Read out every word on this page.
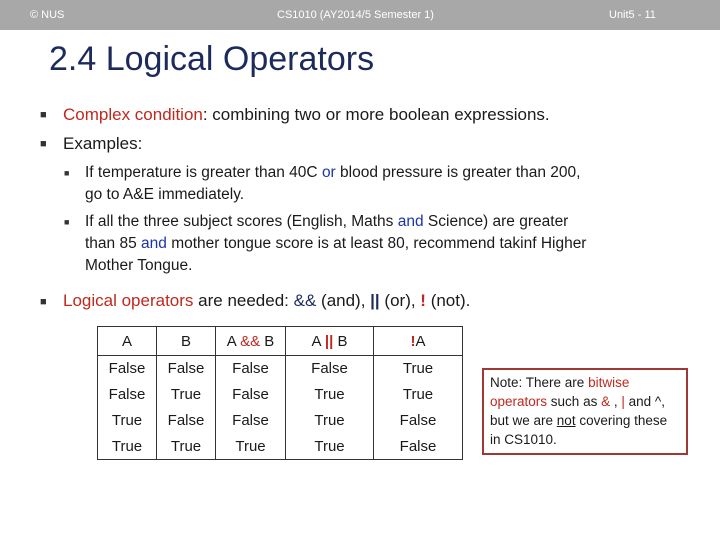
© NUS	CS1010 (AY2014/5 Semester 1)	Unit5 - 11
2.4 Logical Operators
■ Complex condition: combining two or more boolean expressions.
■ Examples:
■ If temperature is greater than 40C or blood pressure is greater than 200,
go to A&E immediately.
■ If all the three subject scores (English, Maths and Science) are greater
than 85 and mother tongue score is at least 80, recommend takinf Higher
Mother Tongue.
■ Logical operators are needed: && (and), || (or), ! (not).
A	B	A && B	A || B	!A
False	False	False	False	True
False	True	False	True	True
True	False	False	True	False
True	True	True	True	False
Note: There are bitwise operators such as & , | and ^, but we are not covering these in CS1010.
